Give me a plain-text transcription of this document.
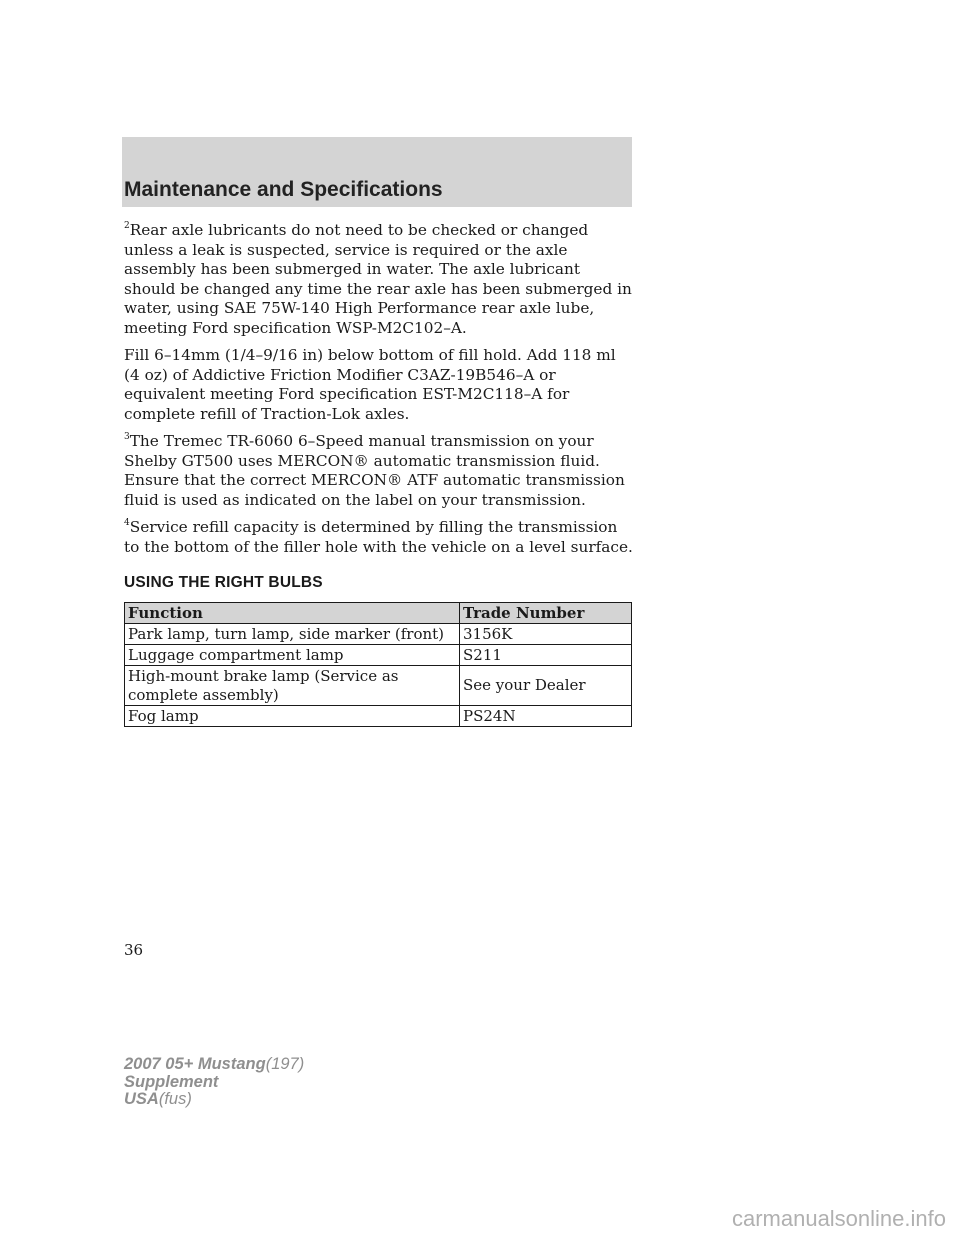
Maintenance and Specifications

$^2$Rear axle lubricants do not need to be checked or changed unless a leak is suspected, service is required or the axle assembly has been submerged in water. The axle lubricant should be changed any time the rear axle has been submerged in water, using SAE 75W-140 High Performance rear axle lube, meeting Ford specification WSP-M2C102–A.

Fill 6–14mm (1/4–9/16 in) below bottom of fill hold. Add 118 ml (4 oz) of Addictive Friction Modifier C3AZ-19B546–A or equivalent meeting Ford specification EST-M2C118–A for complete refill of Traction-Lok axles.

$^3$The Tremec TR-6060 6–Speed manual transmission on your Shelby GT500 uses MERCON® automatic transmission fluid. Ensure that the correct MERCON® ATF automatic transmission fluid is used as indicated on the label on your transmission.

$^4$Service refill capacity is determined by filling the transmission to the bottom of the filler hole with the vehicle on a level surface.

USING THE RIGHT BULBS
Function	Trade Number
Park lamp, turn lamp, side marker (front)	3156K
Luggage compartment lamp	S211
High-mount brake lamp (Service as complete assembly)	See your Dealer
Fog lamp	PS24N
36
2007 05+ Mustang(197)
Supplement
USA(fus)
carmanualsonline.info
